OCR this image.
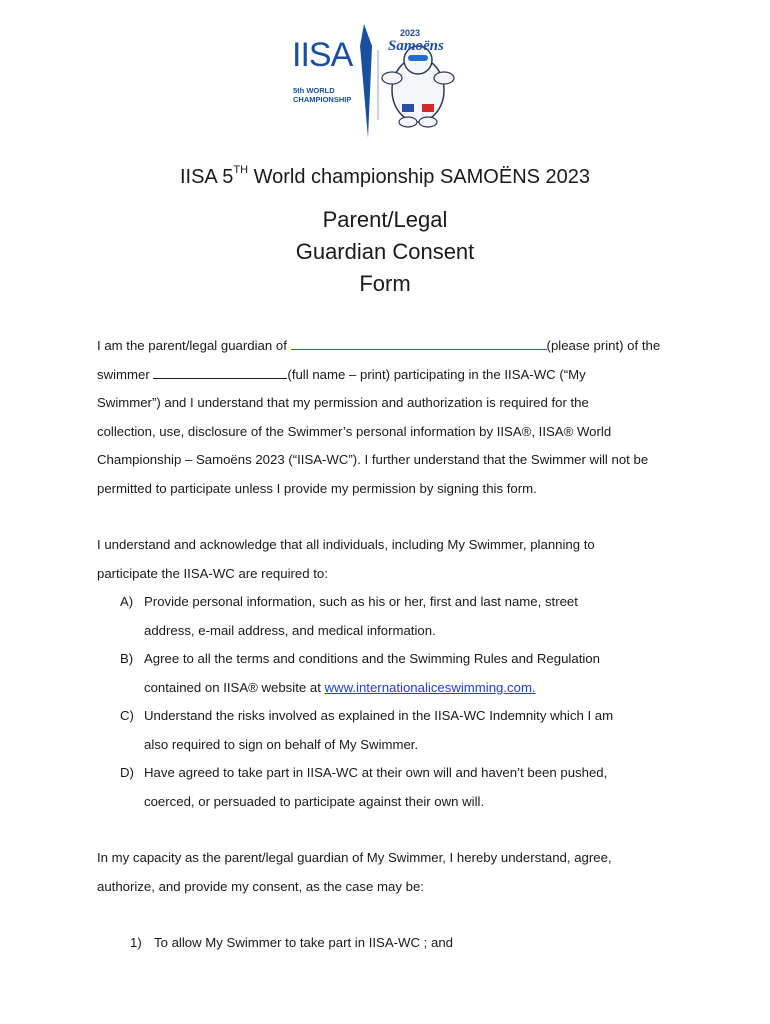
2023
Samoëns
IISA
5th WORLD
CHAMPIONSHIP
IISA 5TH World championship SAMOËNS 2023
Parent/Legal
Guardian Consent
Form
I am the parent/legal guardian of	(please print) of the
swimmer	(full name – print) participating in the IISA-WC (“My
Swimmer”) and I understand that my permission and authorization is required for the
collection, use, disclosure of the Swimmer’s personal information by IISA®, IISA® World
Championship – Samoëns 2023 (“IISA-WC”). I further understand that the Swimmer will not be
permitted to participate unless I provide my permission by signing this form.
I understand and acknowledge that all individuals, including My Swimmer, planning to
participate the IISA-WC are required to:
A) Provide personal information, such as his or her, first and last name, street
address, e-mail address, and medical information.
B) Agree to all the terms and conditions and the Swimming Rules and Regulation
contained on IISA® website at www.internationaliceswimming.com.
C) Understand the risks involved as explained in the IISA-WC Indemnity which I am
also required to sign on behalf of My Swimmer.
D) Have agreed to take part in IISA-WC at their own will and haven’t been pushed,
coerced, or persuaded to participate against their own will.
In my capacity as the parent/legal guardian of My Swimmer, I hereby understand, agree,
authorize, and provide my consent, as the case may be:
1) To allow My Swimmer to take part in IISA-WC ; and
